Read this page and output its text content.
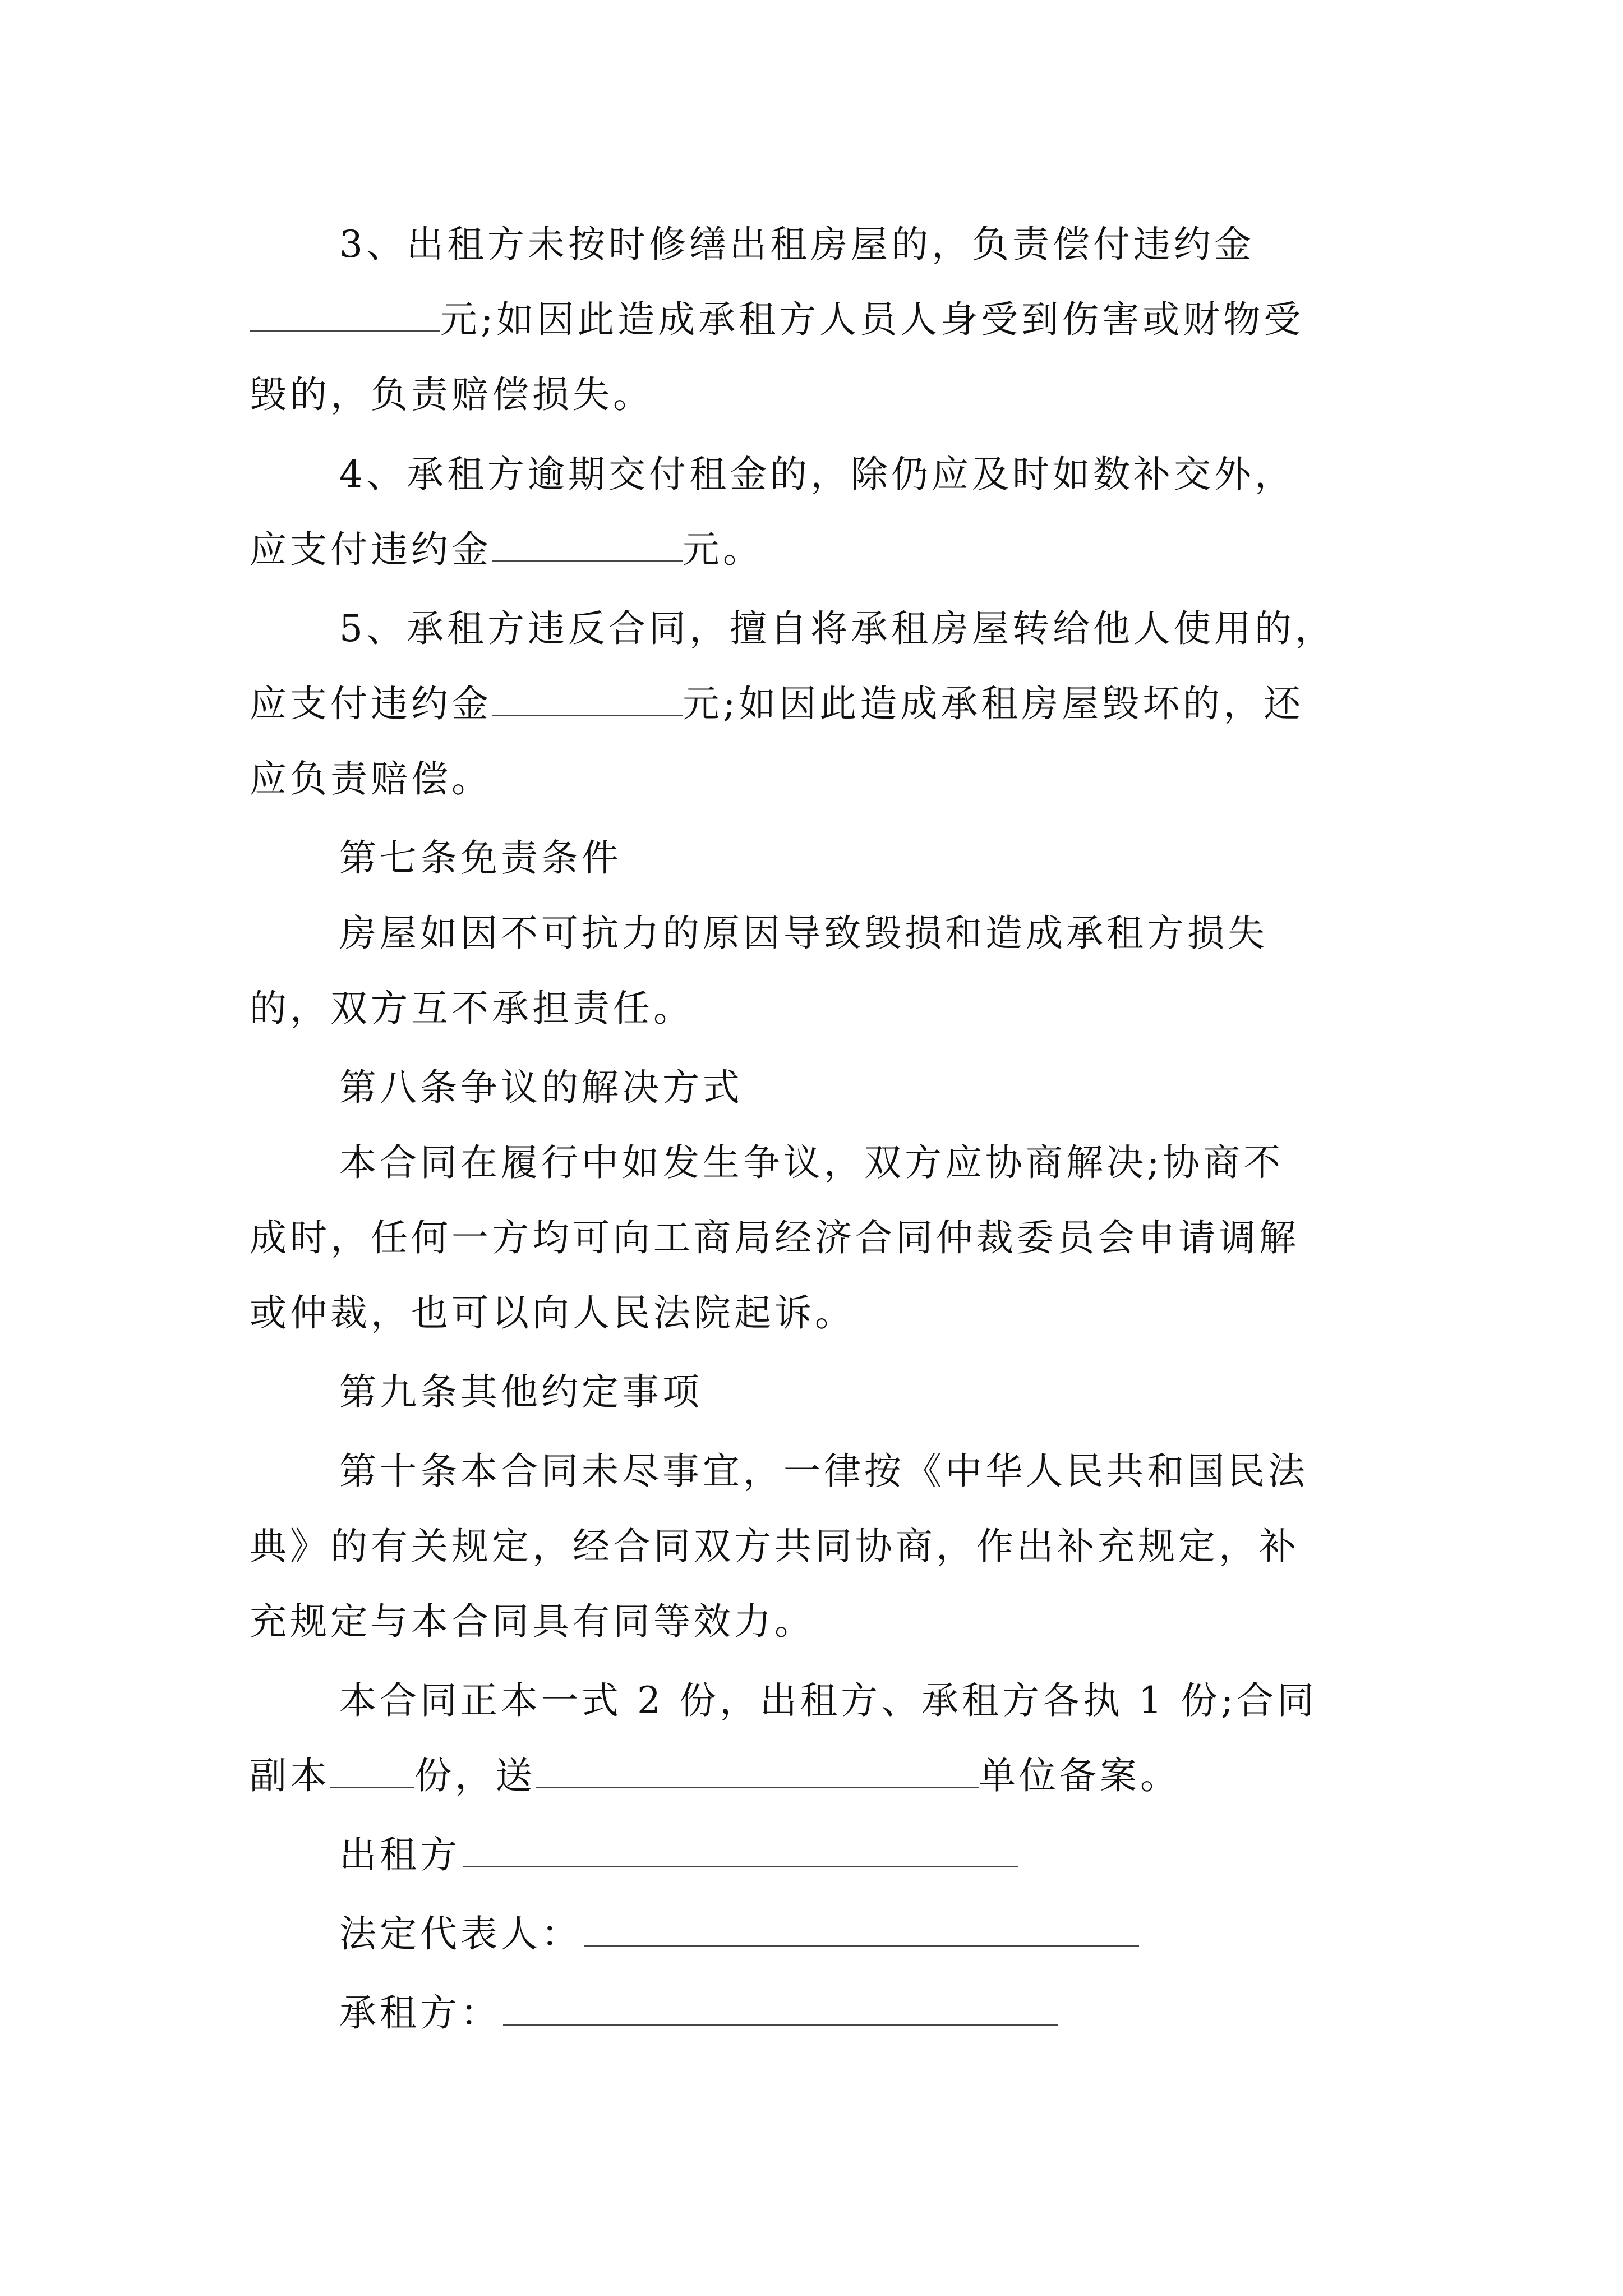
3、出租方未按时修缮出租房屋的，负责偿付违约金
元;如因此造成承租方人员人身受到伤害或财物受
毁的，负责赔偿损失。
4、承租方逾期交付租金的，除仍应及时如数补交外，
应支付违约金	元。
5、承租方违反合同，擅自将承租房屋转给他人使用的，
应支付违约金	元;如因此造成承租房屋毁坏的，还
应负责赔偿。
第七条免责条件
房屋如因不可抗力的原因导致毁损和造成承租方损失
的，双方互不承担责任。
第八条争议的解决方式
本合同在履行中如发生争议，双方应协商解决;协商不
成时，任何一方均可向工商局经济合同仲裁委员会申请调解
或仲裁，也可以向人民法院起诉。
第九条其他约定事项
第十条本合同未尽事宜，一律按《中华人民共和国民法
典》的有关规定，经合同双方共同协商，作出补充规定，补
充规定与本合同具有同等效力。
本合同正本一式 2 份，出租方、承租方各执 1 份;合同
副本 份，送	单位备案。
出租方
法定代表人：
承租方：
